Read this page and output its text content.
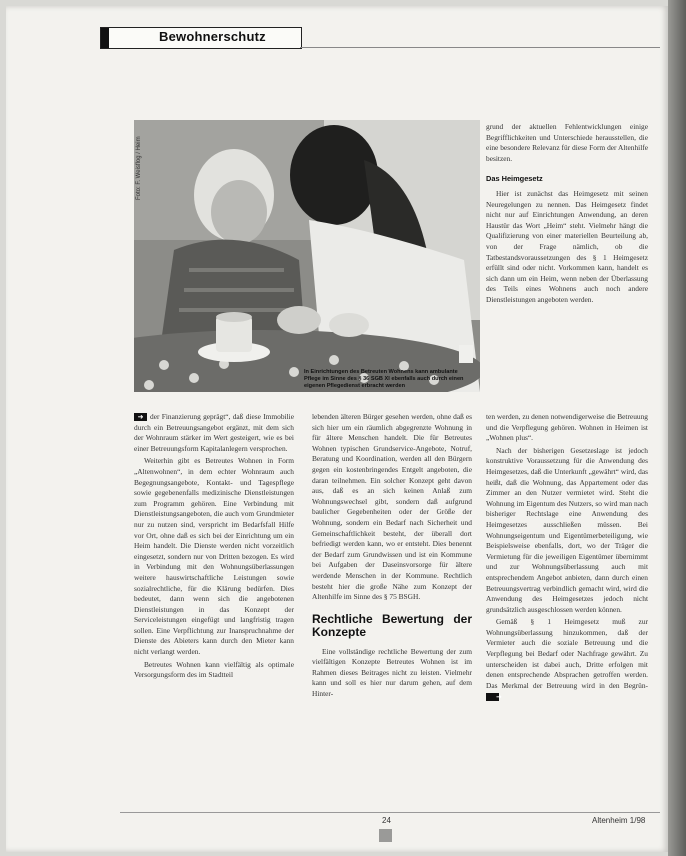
Bewohnerschutz
Foto: F. Weisflog / Heim
In Einrichtungen des Betreuten Wohnens kann ambulante Pflege im Sinne des § 36 SGB XI ebenfalls auch durch einen eigenen Pflegedienst erbracht werden

grund der aktuellen Fehlentwicklungen einige Begrifflichkeiten und Unterschiede herausstellen, die eine besondere Relevanz für diese Form der Altenhilfe besitzen.

Das Heimgesetz

Hier ist zunächst das Heimgesetz mit seinen Neuregelungen zu nennen. Das Heimgesetz findet nicht nur auf Einrichtungen Anwendung, an deren Haustür das Wort „Heim“ steht. Vielmehr hängt die Qualifizierung von einer materiellen Beurteilung ab, von der Frage nämlich, ob die Tatbestandsvoraussetzungen des § 1 Heimgesetz erfüllt sind oder nicht. Vorkommen kann, handelt es sich dann um ein Heim, wenn neben der Überlassung des Teils eines Wohnens auch noch andere Dienstleistungen angeboten werden.

➜ der Finanzierung geprägt“, daß diese Immobilie durch ein Betreuungsangebot ergänzt, mit dem sich der Wohnraum stärker im Wert gesteigert, wie es bei einer Betreuungsform Kapitalanlegern versprochen.

Weiterhin gibt es Betreutes Wohnen in Form „Altenwohnen“, in dem echter Wohnraum auch Begegnungsangebote, Kontakt- und Tagespflege sowie gegebenenfalls medizinische Dienstleistungen zum Programm gehören. Eine Verbindung mit Dienstleistungsangeboten, die auch vom Grundmieter nur zu nutzen sind, verspricht im Bedarfsfall Hilfe vor Ort, ohne daß es sich bei der Einrichtung um ein Heim handelt. Die Dienste werden nicht vorzeitlich eingesetzt, sondern nur von Dritten bezogen. Es wird in Verbindung mit den Wohnungsüberlassungen weitere hauswirtschaftliche Leistungen sowie sozialrechtliche, für die Klärung bedürfen. Dies bedeutet, dann wenn sich die angebotenen Dienstleistungen in das Konzept der Serviceleistungen eingefügt und langfristig tragen sollen. Eine Verpflichtung zur Inanspruchnahme der Dienste des Abieters kann durch den Mieter kann nicht verlangt werden.

Betreutes Wohnen kann vielfältig als optimale Versorgungsform des im Stadtteil

lebenden älteren Bürger gesehen werden, ohne daß es sich hier um ein räumlich abgegrenzte Wohnung in für ältere Menschen handelt. Die für Betreutes Wohnen typischen Grundservice-Angebote, Notruf, Beratung und Koordination, werden all den Bürgern gegen ein kostenbringendes Entgelt angeboten, die daran teilnehmen. Ein solcher Konzept geht davon aus, daß es an sich keinen Anlaß zum Wohnungswechsel gibt, sondern daß aufgrund baulicher Gegebenheiten oder der Größe der Wohnung, sondern ein Bedarf nach Sicherheit und Gemeinschaftlichkeit besteht, der überall dort befriedigt werden kann, wo er entsteht. Dies benennt der Bedarf zum Grundwissen und ist ein Kommune bei Aufgaben der Daseinsvorsorge für ältere werdende Menschen in der Kommune. Rechtlich besteht hier die große Nähe zum Konzept der Altenhilfe im Sinne des § 75 BSGH.

Rechtliche Bewertung der Konzepte

Eine vollständige rechtliche Bewertung der zum vielfältigen Konzepte Betreutes Wohnen ist im Rahmen dieses Beitrages nicht zu leisten. Vielmehr kann und soll es hier nur darum gehen, auf dem Hinter-

ten werden, zu denen notwendigerweise die Betreuung und die Verpflegung gehören. Wohnen in Heimen ist „Wohnen plus“.

Nach der bisherigen Gesetzeslage ist jedoch konstruktive Voraussetzung für die Anwendung des Heimgesetzes, daß die Unterkunft „gewährt“ wird, das heißt, daß die Wohnung, das Appartement oder das Zimmer an den Nutzer vermietet wird. Steht die Wohnung im Eigentum des Nutzers, so wird man nach bisheriger Rechtslage eine Anwendung des Heimgesetzes ausschließen müssen. Bei Wohnungseigentum und Eigentümerbeteiligung, wie Beispielsweise ebenfalls, dort, wo der Träger die Vermietung für die jeweiligen Eigentümer übernimmt und zur Wohnungsüberlassung auch mit entsprechendem Angebot anbieten, dann durch einen Betreuungsvertrag verbindlich gemacht wird, wird die Anwendung des Heimgesetzes jedoch nicht grundsätzlich ausgeschlossen werden können.

Gemäß § 1 Heimgesetz muß zur Wohnungsüberlassung hinzukommen, daß der Vermieter auch die soziale Betreuung und die Verpflegung bei Bedarf oder Nachfrage gewährt. Zu unterscheiden ist dabei auch, Dritte erfolgen mit denen entsprechende Absprachen getroffen werden. Das Merkmal der Betreuung wird in den Begrün- ➜

24	Altenheim 1/98
